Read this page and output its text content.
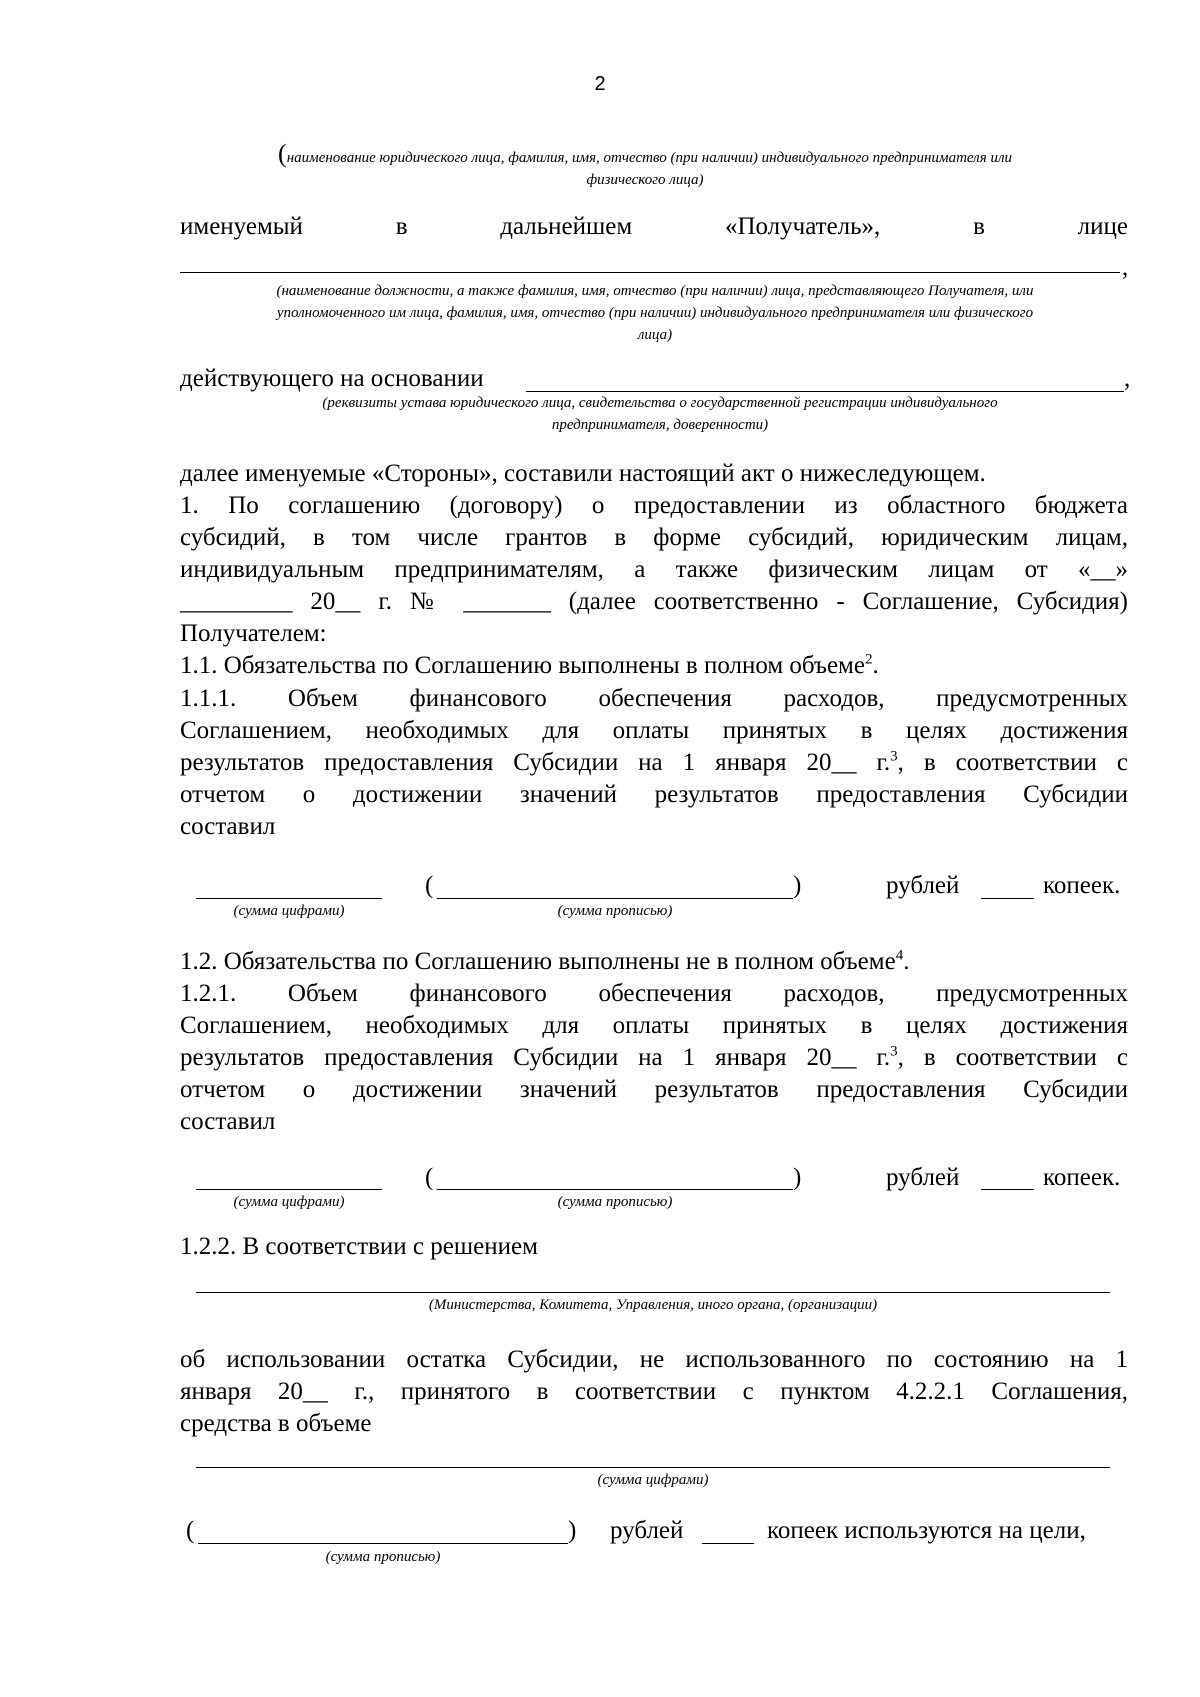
2
(наименование юридического лица, фамилия, имя, отчество (при наличии) индивидуального предпринимателя или
физического лица)
именуемый	в	дальнейшем	«Получатель»,	в	лице
,
(наименование должности, а также фамилия, имя, отчество (при наличии) лица, представляющего Получателя, или
уполномоченного им лица, фамилия, имя, отчество (при наличии) индивидуального предпринимателя или физического
лица)
действующего на основании	,
(реквизиты устава юридического лица, свидетельства о государственной регистрации индивидуального
предпринимателя, доверенности)
далее именуемые «Стороны», составили настоящий акт о нижеследующем.
1. По соглашению (договору) о предоставлении из областного бюджета
субсидий, в том числе грантов в форме субсидий, юридическим лицам,
индивидуальным предпринимателям, а также физическим лицам от «__»
_________ 20__ г. № _______ (далее соответственно - Соглашение, Субсидия)
Получателем:
1.1. Обязательства по Соглашению выполнены в полном объеме$^2$.
1.1.1. Объем финансового обеспечения расходов, предусмотренных
Соглашением, необходимых для оплаты принятых в целях достижения
результатов предоставления Субсидии на 1 января 20__ г.$^3$, в соответствии с
отчетом о достижении значений результатов предоставления Субсидии
составил
(	)	рублей	копеек.
(сумма цифрами)	(сумма прописью)
1.2. Обязательства по Соглашению выполнены не в полном объеме$^4$.
1.2.1. Объем финансового обеспечения расходов, предусмотренных
Соглашением, необходимых для оплаты принятых в целях достижения
результатов предоставления Субсидии на 1 января 20__ г.$^3$, в соответствии с
отчетом о достижении значений результатов предоставления Субсидии
составил
(	)	рублей	копеек.
(сумма цифрами)	(сумма прописью)
1.2.2. В соответствии с решением
(Министерства, Комитета, Управления, иного органа, (организации)
об использовании остатка Субсидии, не использованного по состоянию на 1
января 20__ г., принятого в соответствии с пунктом 4.2.2.1 Соглашения,
средства в объеме
(сумма цифрами)
(	) рублей	копеек используются на цели,
(сумма прописью)
